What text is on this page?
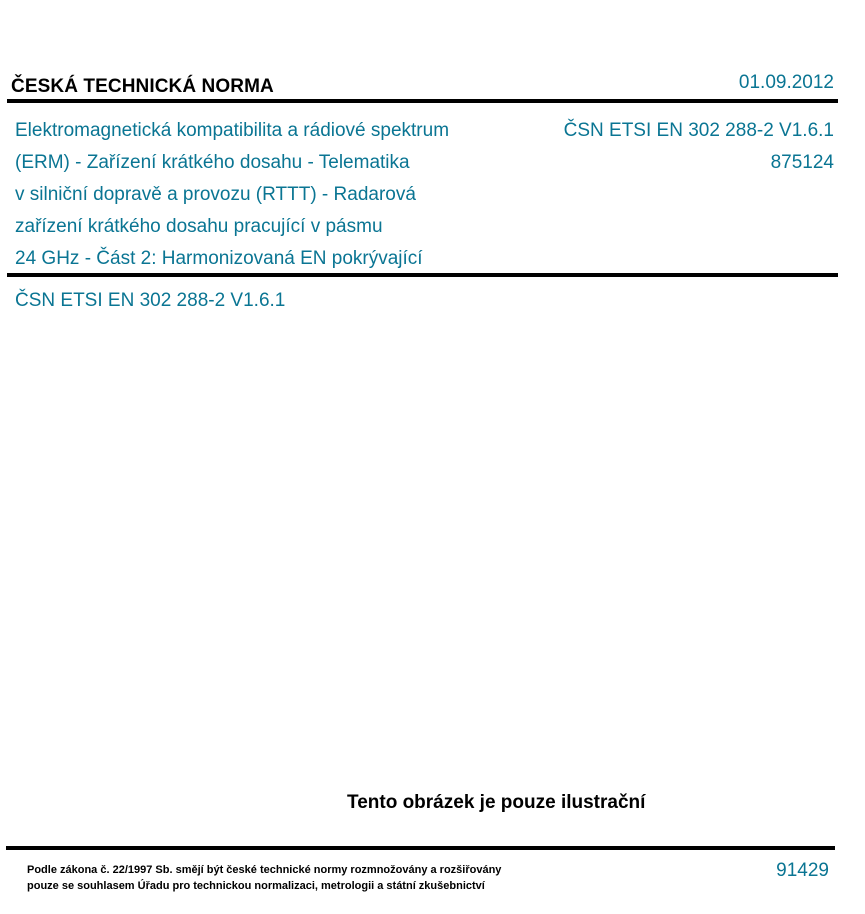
ČESKÁ TECHNICKÁ NORMA	01.09.2012
Elektromagnetická kompatibilita a rádiové spektrum
(ERM) - Zařízení krátkého dosahu - Telematika
v silniční dopravě a provozu (RTTT) - Radarová
zařízení krátkého dosahu pracující v pásmu
24 GHz - Část 2: Harmonizovaná EN pokrývající
ČSN ETSI EN 302 288-2 V1.6.1
875124
ČSN ETSI EN 302 288-2 V1.6.1
Tento obrázek je pouze ilustrační
Podle zákona č. 22/1997 Sb. smějí být české technické normy rozmnožovány a rozšiřovány
pouze se souhlasem Úřadu pro technickou normalizaci, metrologii a státní zkušebnictví
91429
